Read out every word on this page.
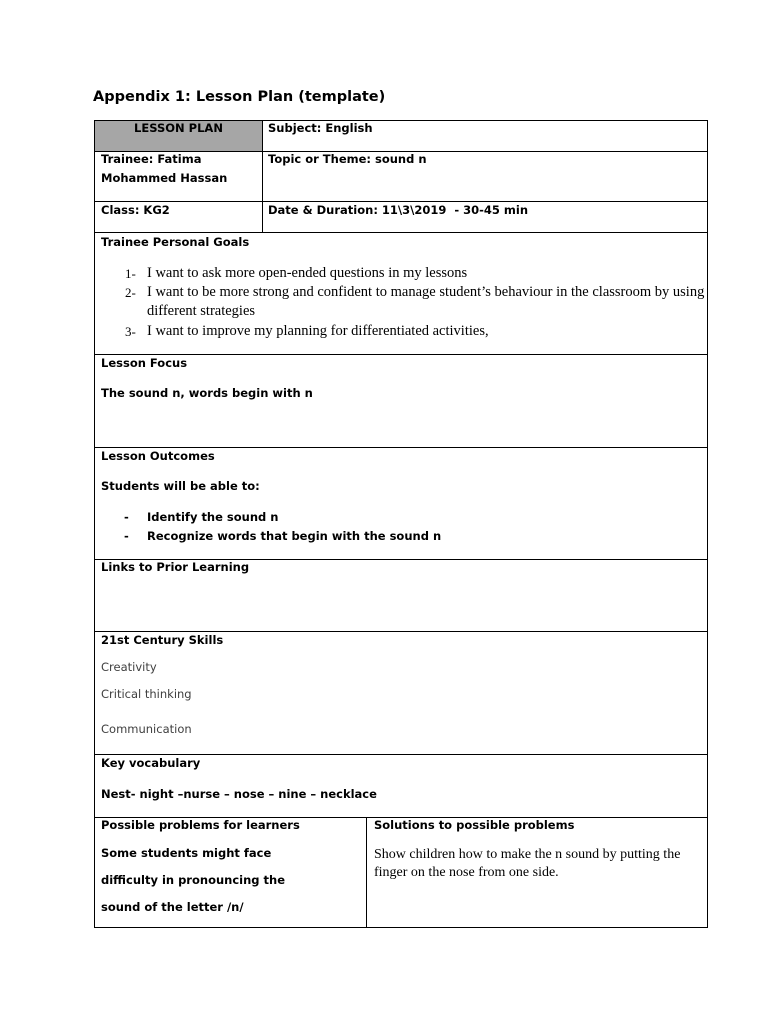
Appendix 1: Lesson Plan (template)
LESSON PLAN	Subject: English
Trainee: Fatima
Mohammed Hassan
Topic or Theme: sound n
Class: KG2	Date & Duration: 11\3\2019  - 30-45 min
Trainee Personal Goals
1- I want to ask more open-ended questions in my lessons
2- I want to be more strong and confident to manage student’s behaviour in the classroom by using different strategies
3- I want to improve my planning for differentiated activities,
Lesson Focus
The sound n, words begin with n
Lesson Outcomes
Students will be able to:
- Identify the sound n
- Recognize words that begin with the sound n
Links to Prior Learning
21st Century Skills
Creativity
Critical thinking
Communication
Key vocabulary
Nest- night –nurse – nose – nine – necklace
Possible problems for learners
Some students might face
difficulty in pronouncing the
sound of the letter /n/
Solutions to possible problems
Show children how to make the n sound by putting the finger on the nose from one side.
